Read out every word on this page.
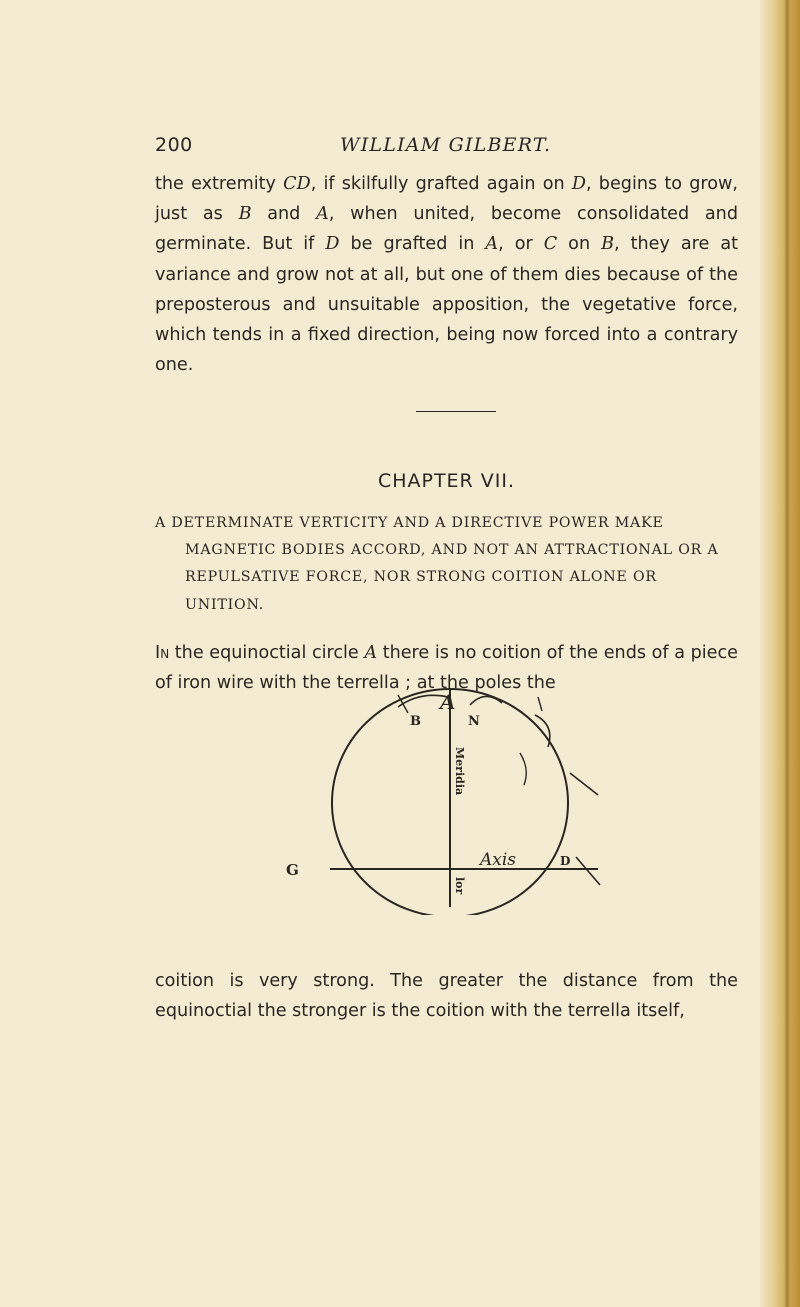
200	WILLIAM GILBERT.

the extremity CD, if skilfully grafted again on D, begins to grow, just as B and A, when united, become consolidated and germinate. But if D be grafted in A, or C on B, they are at variance and grow not at all, but one of them dies because of the preposterous and unsuitable apposition, the vegetative force, which tends in a fixed direction, being now forced into a contrary one.

CHAPTER VII.

A DETERMINATE VERTICITY AND A DIRECTIVE POWER MAKE MAGNETIC BODIES ACCORD, AND NOT AN ATTRACTIONAL OR A REPULSATIVE FORCE, NOR STRONG COITION ALONE OR UNITION.

In the equinoctial circle A there is no coition of the ends of a piece of iron wire with the terrella ; at the poles the

A
B	N
G	Axis	D
Meridia
lor

coition is very strong. The greater the distance from the equinoctial the stronger is the coition with the terrella itself,
